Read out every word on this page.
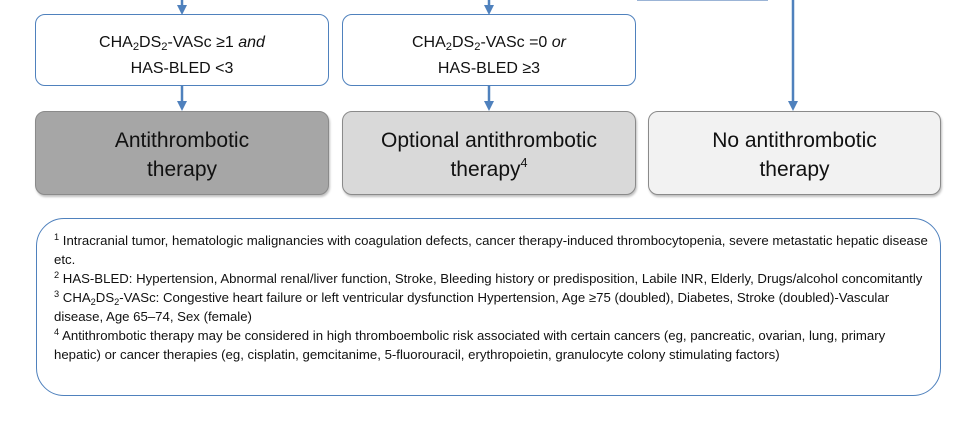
$CHA_2DS_2$-VASc ≥1 and
HAS-BLED <3
$CHA_2DS_2$-VASc =0 or
HAS-BLED ≥3
Antithrombotic
therapy
Optional antithrombotic
therapy$^4$
No antithrombotic
therapy

$^1$ Intracranial tumor, hematologic malignancies with coagulation defects, cancer therapy-induced thrombocytopenia, severe metastatic hepatic disease etc.

$^2$ HAS-BLED: Hypertension, Abnormal renal/liver function, Stroke, Bleeding history or predisposition, Labile INR, Elderly, Drugs/alcohol concomitantly

$^3$ $CHA_2DS_2$-VASc: Congestive heart failure or left ventricular dysfunction Hypertension, Age ≥75 (doubled), Diabetes, Stroke (doubled)-Vascular disease, Age 65–74, Sex (female)

$^4$ Antithrombotic therapy may be considered in high thromboembolic risk associated with certain cancers (eg, pancreatic, ovarian, lung, primary hepatic) or cancer therapies (eg, cisplatin, gemcitanime, 5-fluorouracil, erythropoietin, granulocyte colony stimulating factors)
